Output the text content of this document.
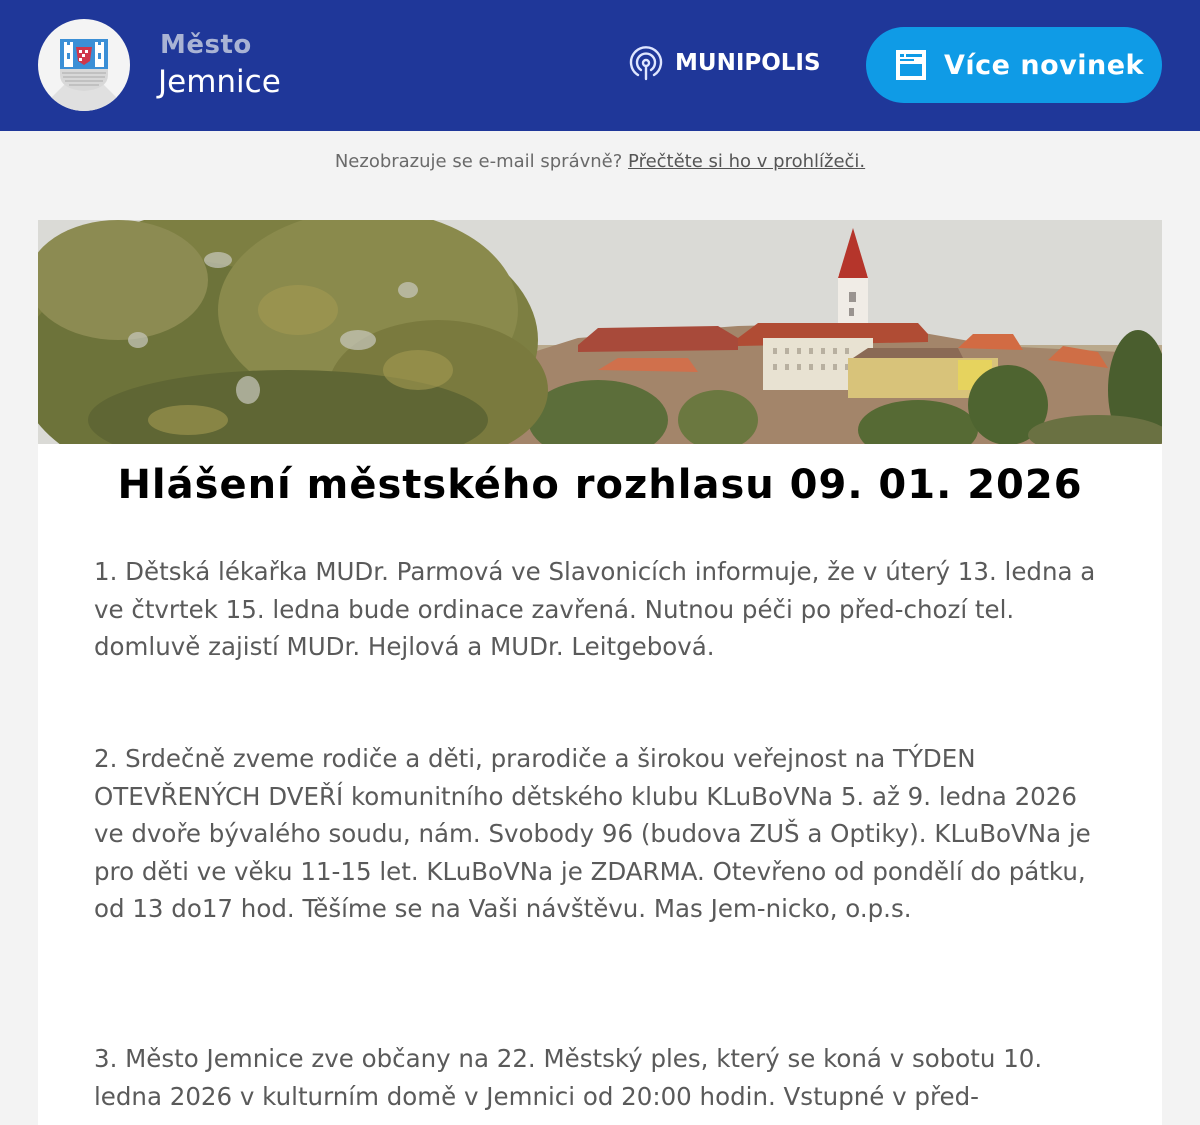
Město
Jemnice
MUNIPOLIS	Více novinek
Nezobrazuje se e-mail správně? Přečtěte si ho v prohlížeči.
Hlášení městského rozhlasu 09. 01. 2026

1. Dětská lékařka MUDr. Parmová ve Slavonicích informuje, že v úterý 13. ledna a ve čtvrtek 15. ledna bude ordinace zavřená. Nutnou péči po před-chozí tel. domluvě zajistí MUDr. Hejlová a MUDr. Leitgebová.

2. Srdečně zveme rodiče a děti, prarodiče a širokou veřejnost na TÝDEN OTEVŘENÝCH DVEŘÍ komunitního dětského klubu KLuBoVNa 5. až 9. ledna 2026 ve dvoře bývalého soudu, nám. Svobody 96 (budova ZUŠ a Optiky). KLuBoVNa je pro děti ve věku 11-15 let. KLuBoVNa je ZDARMA. Otevřeno od pondělí do pátku, od 13 do17 hod. Těšíme se na Vaši návštěvu. Mas Jem-nicko, o.p.s.

3. Město Jemnice zve občany na 22. Městský ples, který se koná v sobotu 10. ledna 2026 v kulturním domě v Jemnici od 20:00 hodin. Vstupné v před-
